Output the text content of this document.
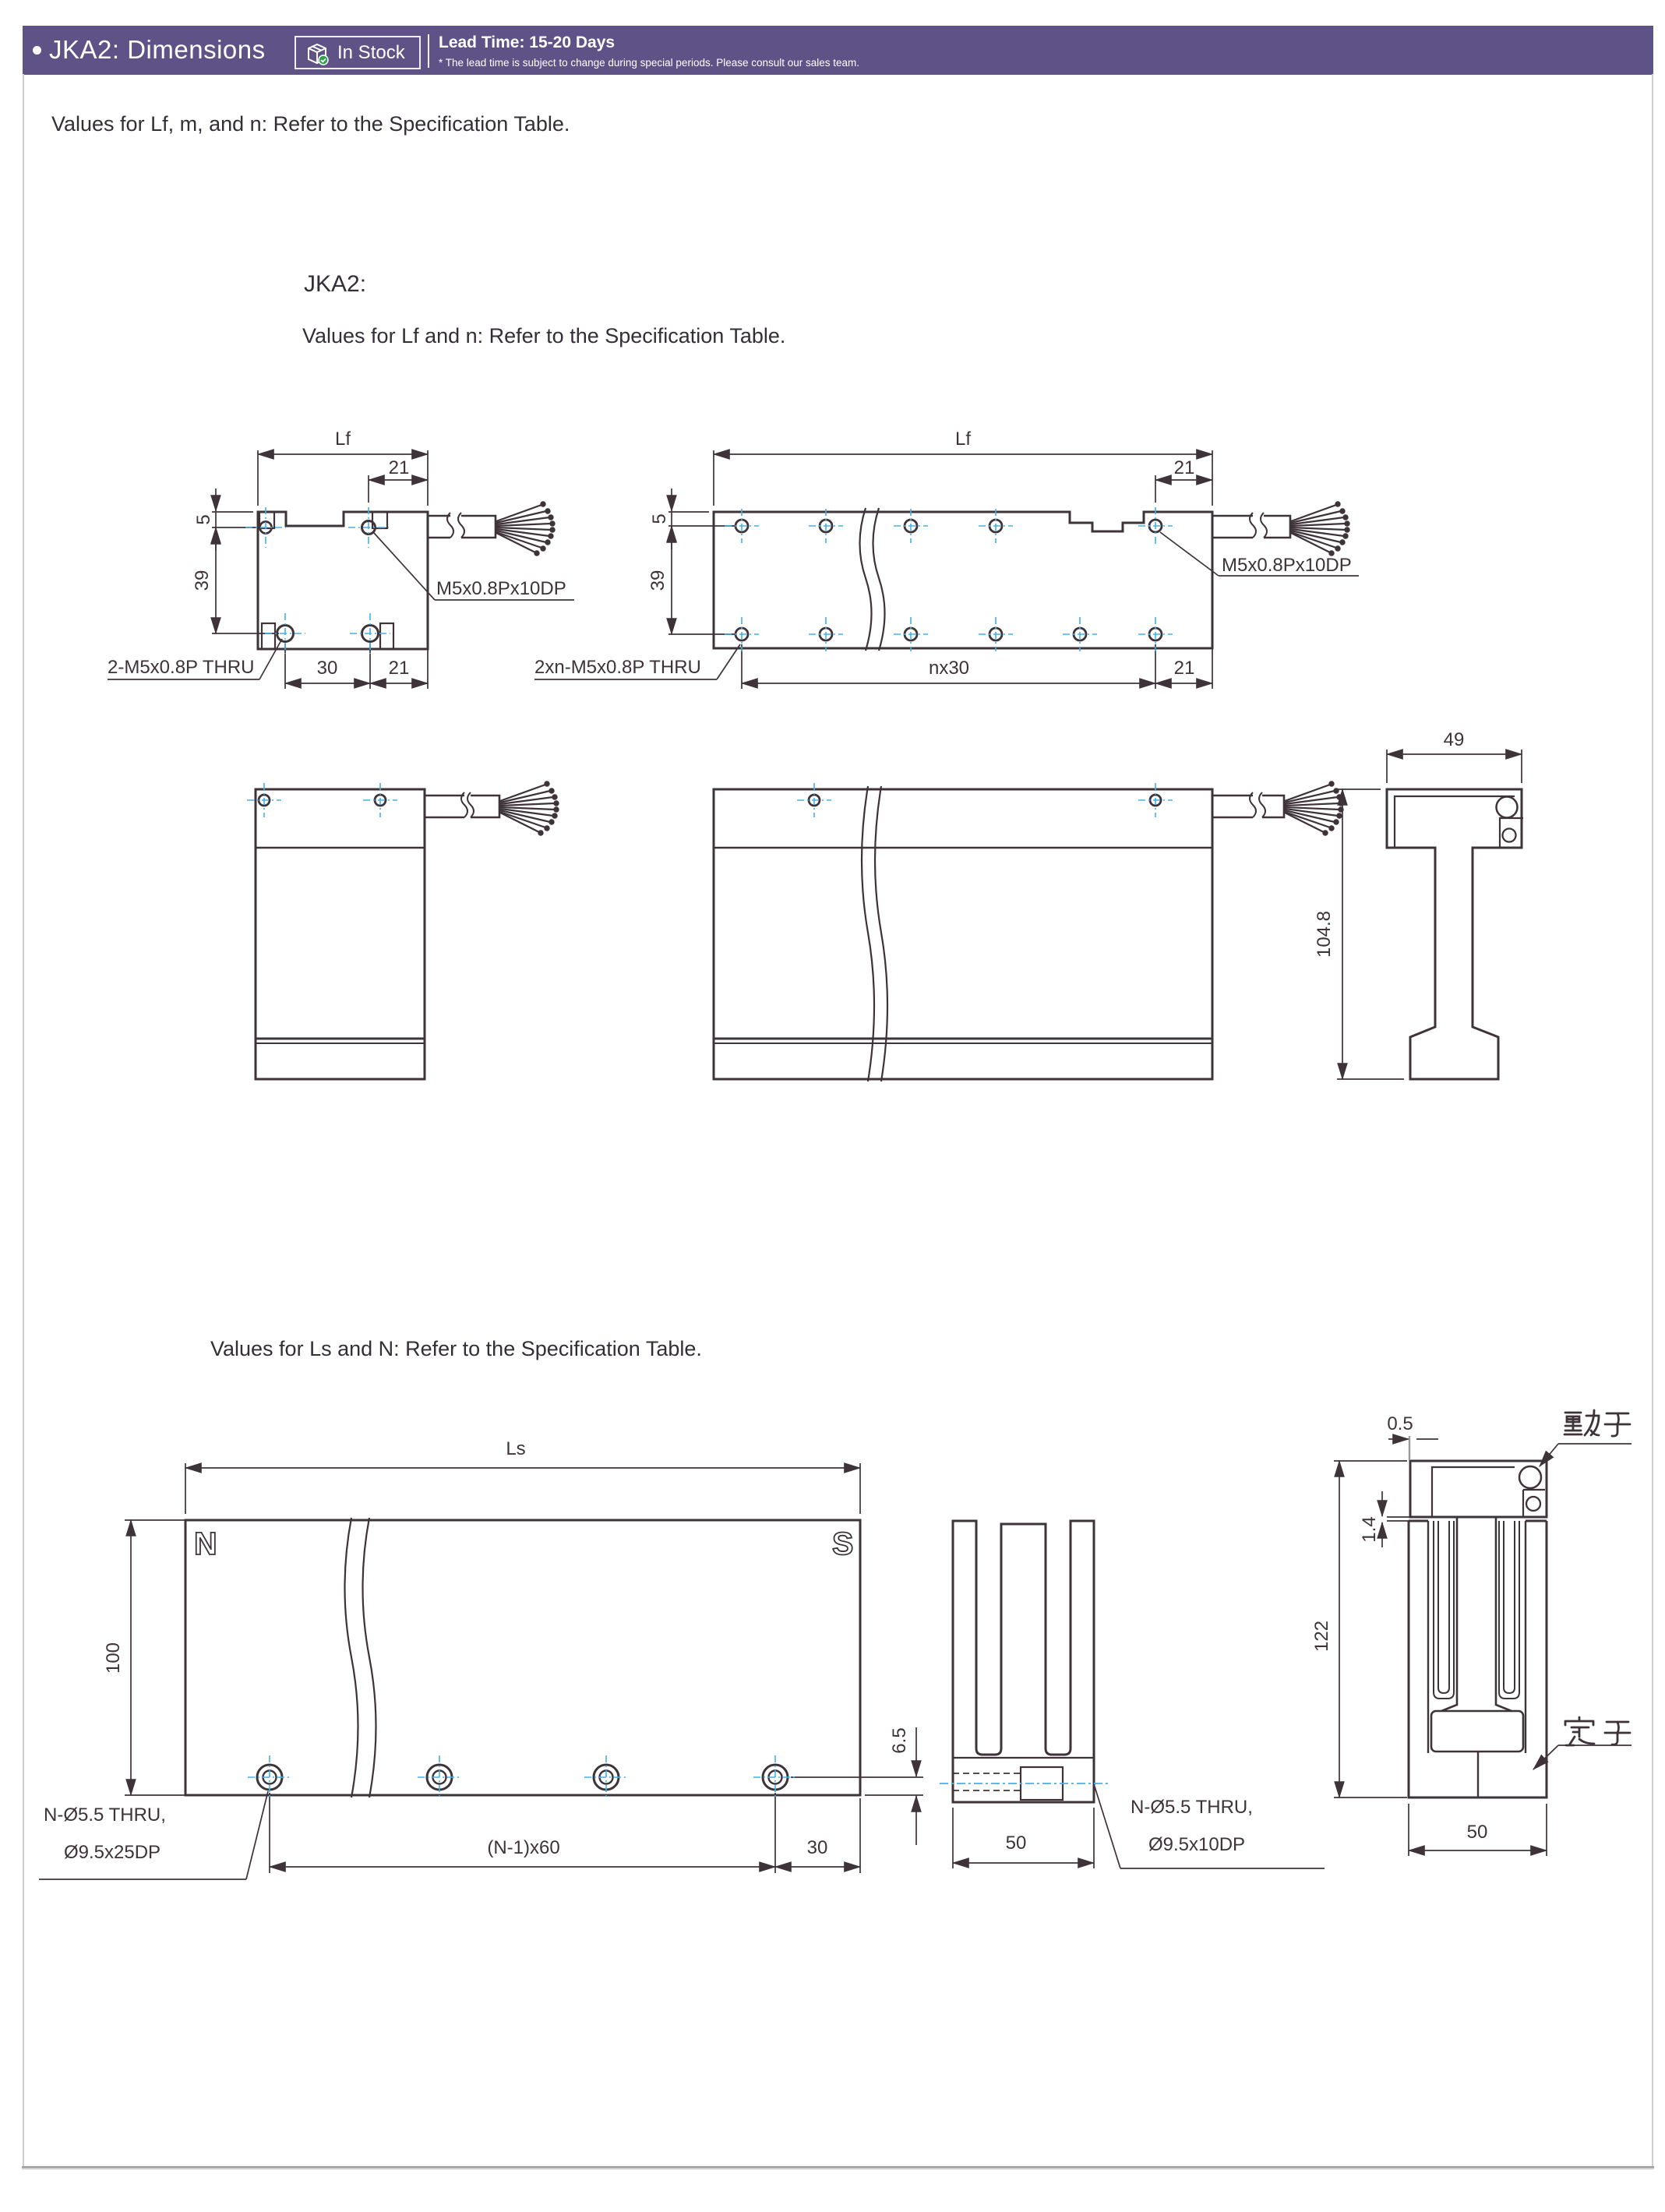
JKA2: Dimensions	In Stock Lead Time: 15-20 Days
* The lead time is subject to change during special periods. Please consult our sales team.
Values for Lf, m, and n: Refer to the Specification Table.
JKA2:
Values for Lf and n: Refer to the Specification Table.
Values for Ls and N: Refer to the Specification Table.
Lf
21
5
39	M5x0.8Px10DP
2-M5x0.8P THRU	30	21
Lf
21
5
39
M5x0.8Px10DP
2xn-M5x0.8P THRU	nx30	21
49
104.8
Ls
N	S
100
6.5
N-Ø5.5 THRU,
Ø9.5x25DP	(N-1)x60	30	50
N-Ø5.5 THRU,
Ø9.5x10DP
0.5
1.4
122
50
